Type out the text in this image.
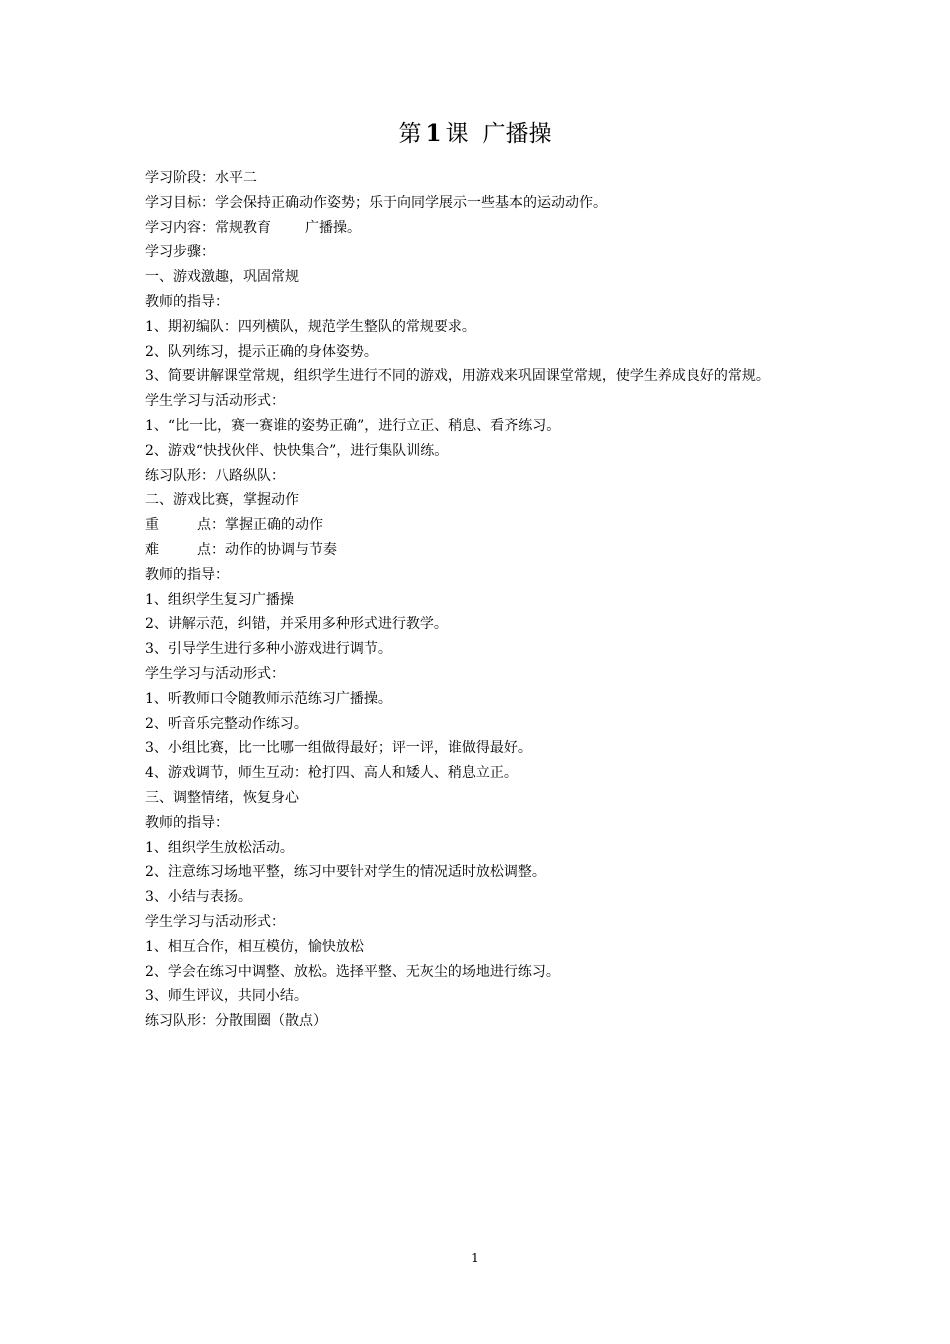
第 1 课 广播操
学习阶段：水平二
学习目标：学会保持正确动作姿势；乐于向同学展示一些基本的运动动作。
学习内容：常规教育 广播操。
学习步骤：
一、游戏激趣，巩固常规
教师的指导：
1、期初编队：四列横队，规范学生整队的常规要求。
2、队列练习，提示正确的身体姿势。
3、简要讲解课堂常规，组织学生进行不同的游戏，用游戏来巩固课堂常规，使学生养成良好的常规。
学生学习与活动形式：
1、“比一比，赛一赛谁的姿势正确”，进行立正、稍息、看齐练习。
2、游戏“快找伙伴、快快集合”，进行集队训练。
练习队形：八路纵队：
二、游戏比赛，掌握动作
重	点：掌握正确的动作
难	点：动作的协调与节奏
教师的指导：
1、组织学生复习广播操
2、讲解示范，纠错，并采用多种形式进行教学。
3、引导学生进行多种小游戏进行调节。
学生学习与活动形式：
1、听教师口令随教师示范练习广播操。
2、听音乐完整动作练习。
3、小组比赛，比一比哪一组做得最好；评一评，谁做得最好。
4、游戏调节，师生互动：枪打四、高人和矮人、稍息立正。
三、调整情绪，恢复身心
教师的指导：
1、组织学生放松活动。
2、注意练习场地平整，练习中要针对学生的情况适时放松调整。
3、小结与表扬。
学生学习与活动形式：
1、相互合作，相互模仿，愉快放松
2、学会在练习中调整、放松。选择平整、无灰尘的场地进行练习。
3、师生评议，共同小结。
练习队形：分散围圈（散点）
1
